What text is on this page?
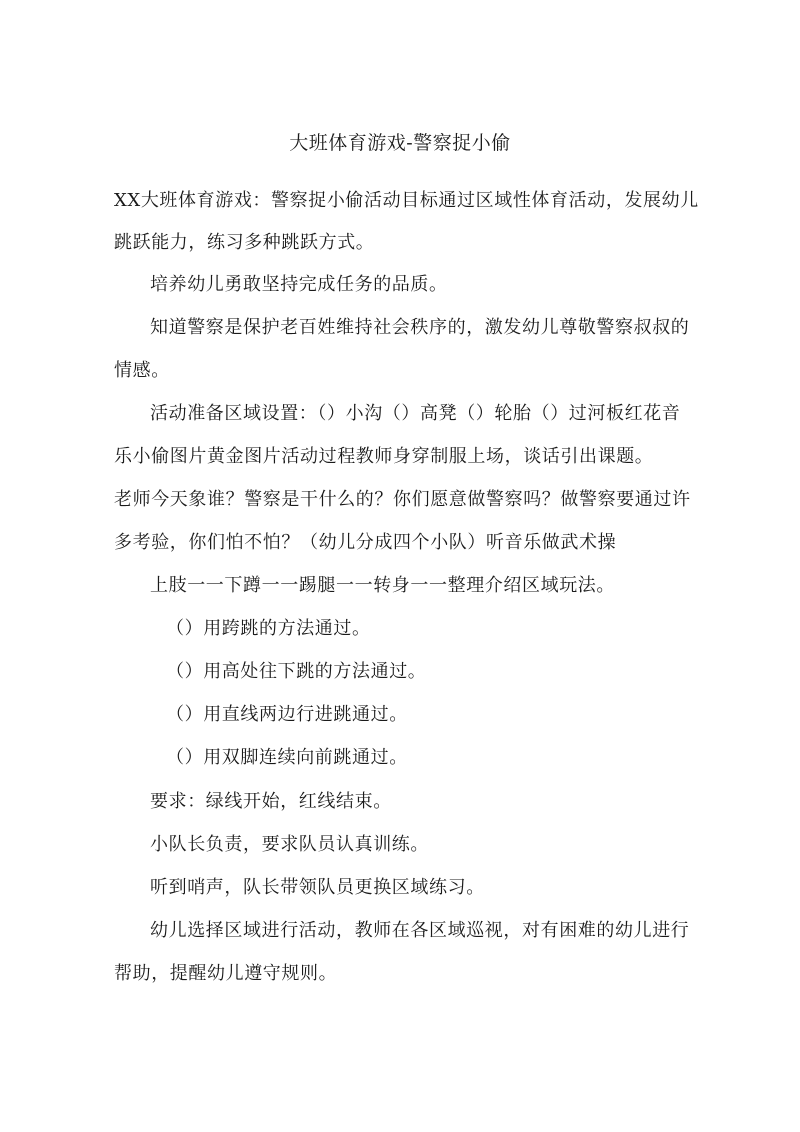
大班体育游戏-警察捉小偷
XX大班体育游戏：警察捉小偷活动目标通过区域性体育活动，发展幼儿
跳跃能力，练习多种跳跃方式。
培养幼儿勇敢坚持完成任务的品质。
知道警察是保护老百姓维持社会秩序的，激发幼儿尊敬警察叔叔的
情感。
活动准备区域设置：（）小沟（）高凳（）轮胎（）过河板红花音
乐小偷图片黄金图片活动过程教师身穿制服上场，谈话引出课题。
老师今天象谁？警察是干什么的？你们愿意做警察吗？做警察要通过许
多考验，你们怕不怕？（幼儿分成四个小队）听音乐做武术操
上肢一一下蹲一一踢腿一一转身一一整理介绍区域玩法。
（）用跨跳的方法通过。
（）用高处往下跳的方法通过。
（）用直线两边行进跳通过。
（）用双脚连续向前跳通过。
要求：绿线开始，红线结束。
小队长负责，要求队员认真训练。
听到哨声，队长带领队员更换区域练习。
幼儿选择区域进行活动，教师在各区域巡视，对有困难的幼儿进行
帮助，提醒幼儿遵守规则。
